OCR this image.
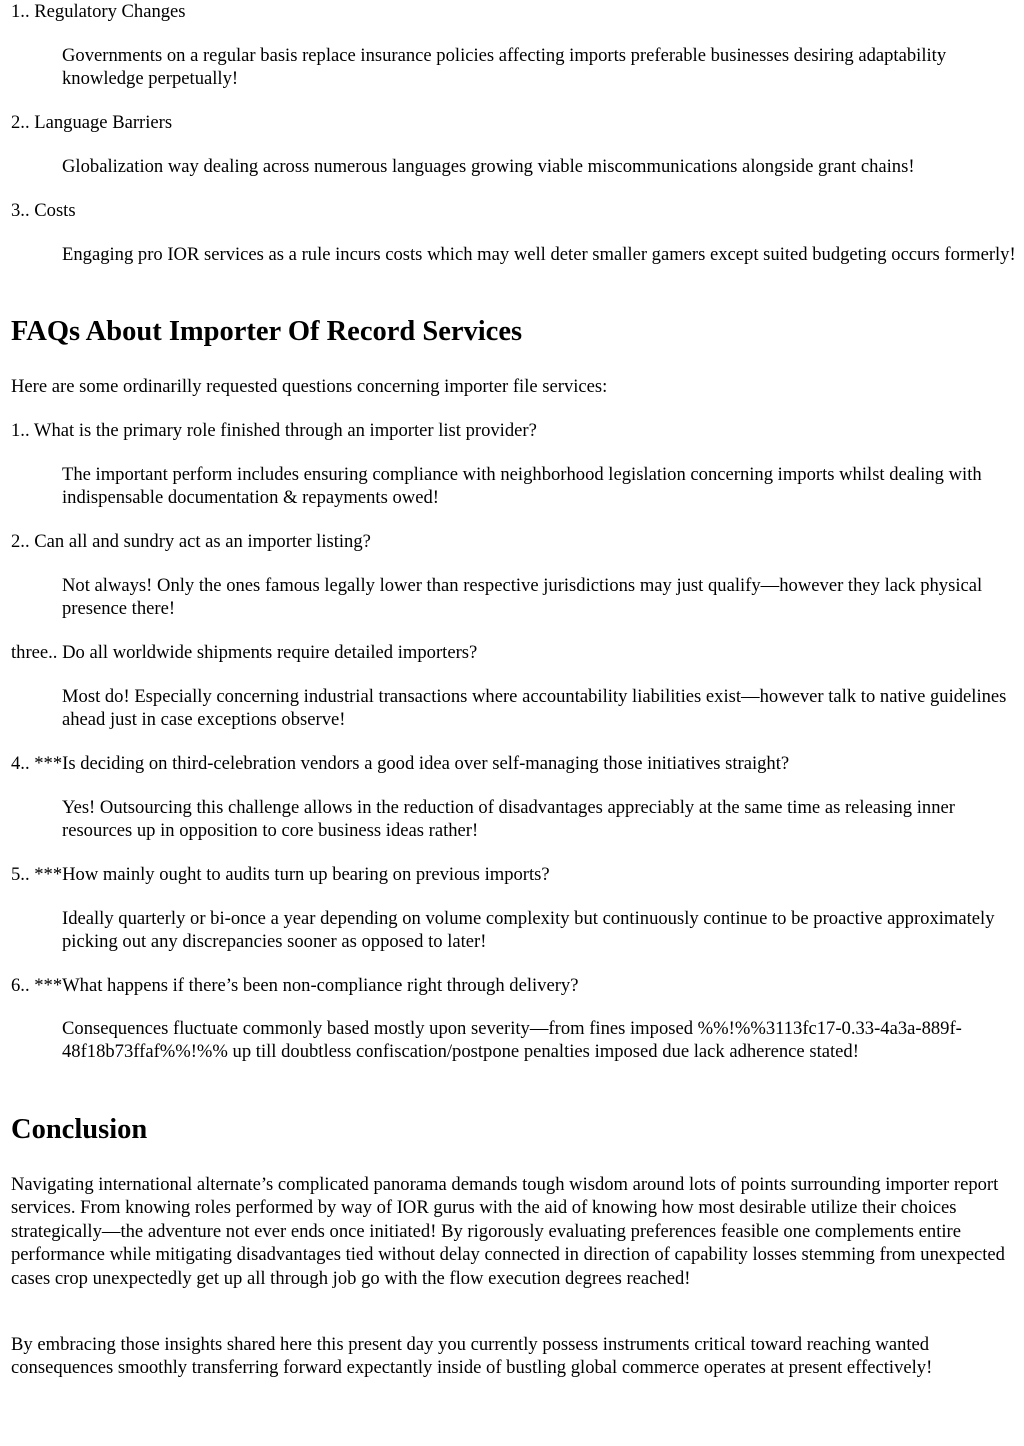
1.. Regulatory Changes

Governments on a regular basis replace insurance policies affecting imports preferable businesses desiring adaptability knowledge perpetually!

2.. Language Barriers

Globalization way dealing across numerous languages growing viable miscommunications alongside grant chains!

3.. Costs

Engaging pro IOR services as a rule incurs costs which may well deter smaller gamers except suited budgeting occurs formerly!

FAQs About Importer Of Record Services

Here are some ordinarilly requested questions concerning importer file services:

1.. What is the primary role finished through an importer list provider?

The important perform includes ensuring compliance with neighborhood legislation concerning imports whilst dealing with indispensable documentation & repayments owed!

2.. Can all and sundry act as an importer listing?

Not always! Only the ones famous legally lower than respective jurisdictions may just qualify—however they lack physical presence there!

three.. Do all worldwide shipments require detailed importers?

Most do! Especially concerning industrial transactions where accountability liabilities exist—however talk to native guidelines ahead just in case exceptions observe!

4.. ***Is deciding on third-celebration vendors a good idea over self-managing those initiatives straight?

Yes! Outsourcing this challenge allows in the reduction of disadvantages appreciably at the same time as releasing inner resources up in opposition to core business ideas rather!

5.. ***How mainly ought to audits turn up bearing on previous imports?

Ideally quarterly or bi-once a year depending on volume complexity but continuously continue to be proactive approximately picking out any discrepancies sooner as opposed to later!

6.. ***What happens if there’s been non-compliance right through delivery?

Consequences fluctuate commonly based mostly upon severity—from fines imposed %%!%%3113fc17-0.33-4a3a-889f-48f18b73ffaf%%!%% up till doubtless confiscation/postpone penalties imposed due lack adherence stated!

Conclusion

Navigating international alternate’s complicated panorama demands tough wisdom around lots of points surrounding importer report services. From knowing roles performed by way of IOR gurus with the aid of knowing how most desirable utilize their choices strategically—the adventure not ever ends once initiated! By rigorously evaluating preferences feasible one complements entire performance while mitigating disadvantages tied without delay connected in direction of capability losses stemming from unexpected cases crop unexpectedly get up all through job go with the flow execution degrees reached!

By embracing those insights shared here this present day you currently possess instruments critical toward reaching wanted consequences smoothly transferring forward expectantly inside of bustling global commerce operates at present effectively!
